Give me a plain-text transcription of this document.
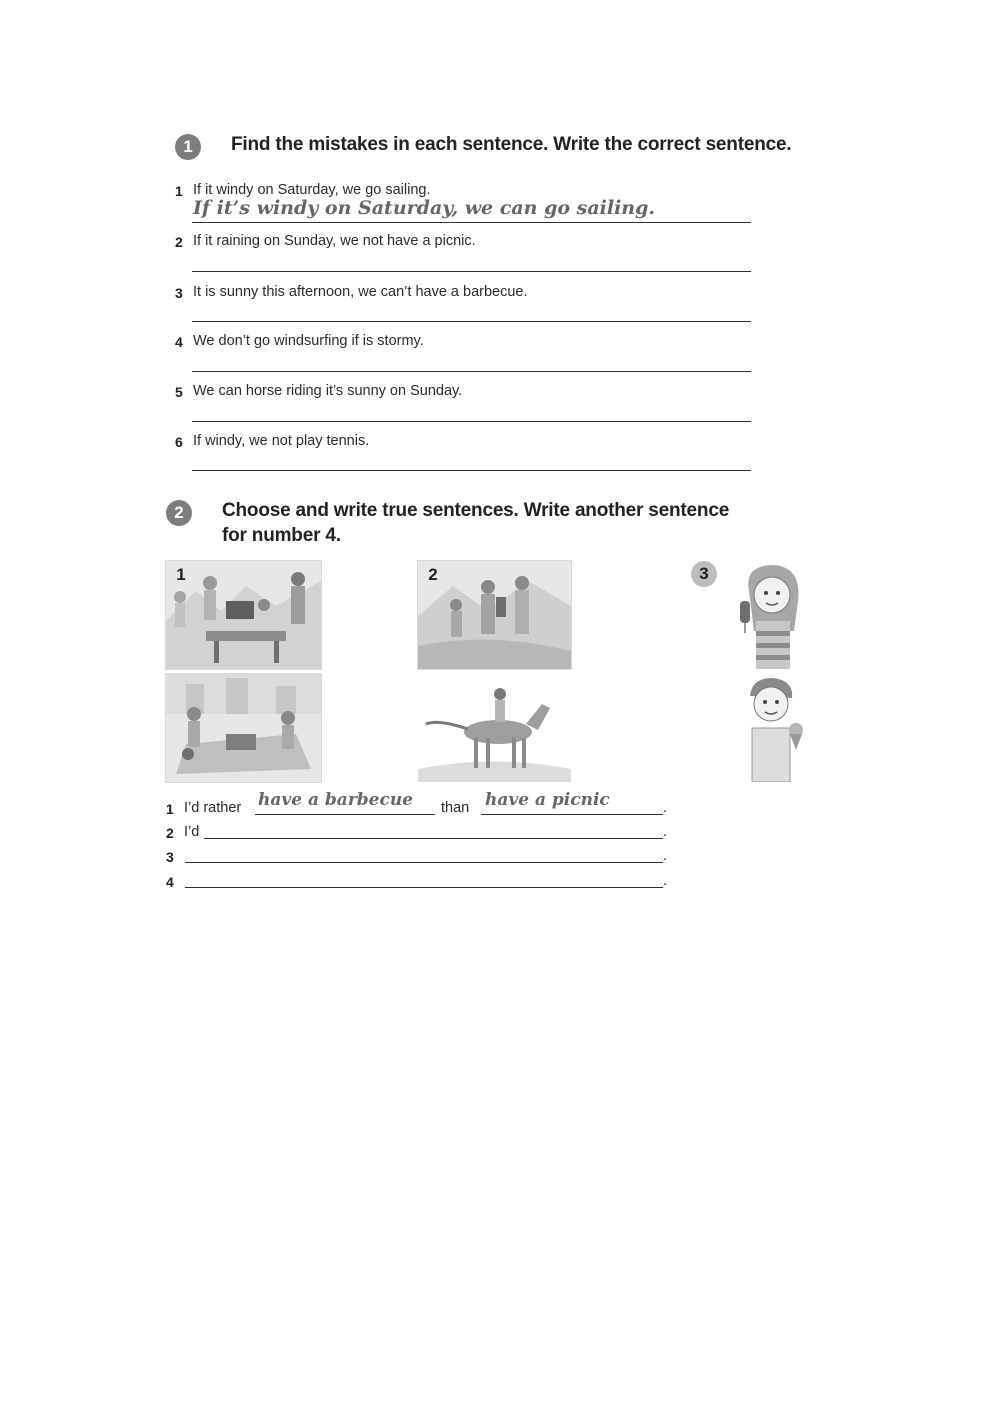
1	Find the mistakes in each sentence. Write the correct sentence.
1 If it windy on Saturday, we go sailing.
If it’s windy on Saturday, we can go sailing.
2 If it raining on Sunday, we not have a picnic.
3 It is sunny this afternoon, we can’t have a barbecue.
4 We don’t go windsurfing if is stormy.
5 We can horse riding it’s sunny on Sunday.
6 If windy, we not play tennis.
2	Choose and write true sentences. Write another sentence
for number 4.
1	2	3
1 I’d rather have a barbecue than have a picnic	.
2 I’d	.
3	.
4	.
